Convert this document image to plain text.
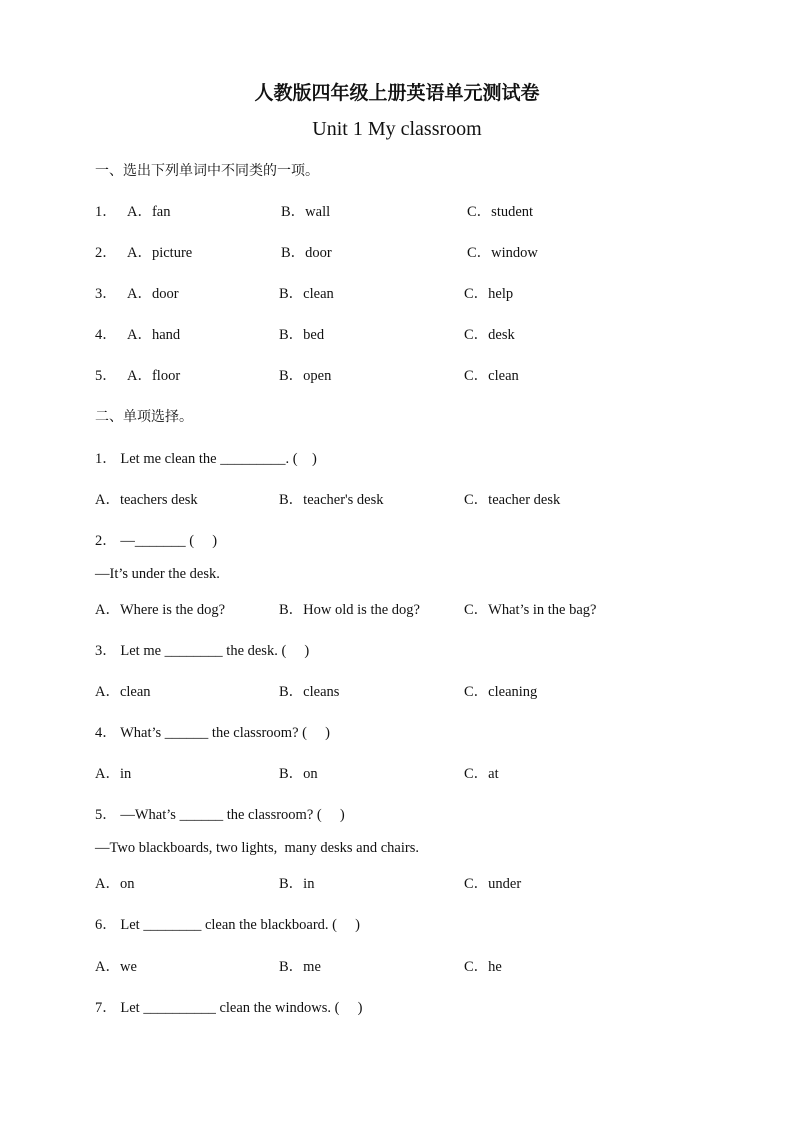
人教版四年级上册英语单元测试卷
Unit 1 My classroom
一、选出下列单词中不同类的一项。
1． A．fan	B．wall	C．student
2． A．picture	B．door	C．window
3． A．door	B．clean	C．help
4． A．hand	B．bed	C．desk
5． A．floor	B．open	C．clean
二、单项选择。
1． Let me clean the _________. (    )
A．teachers desk	B．teacher's desk	C．teacher desk
2． —_______ (     )
—It’s under the desk.
A．Where is the dog?	B．How old is the dog?	C．What’s in the bag?
3． Let me ________ the desk. (     )
A．clean	B．cleans	C．cleaning
4． What’s ______ the classroom? (     )
A．in	B．on	C．at
5． —What’s ______ the classroom? (     )
—Two blackboards, two lights,  many desks and chairs.
A．on	B．in	C．under
6． Let ________ clean the blackboard. (     )
A．we	B．me	C．he
7． Let __________ clean the windows. (     )
